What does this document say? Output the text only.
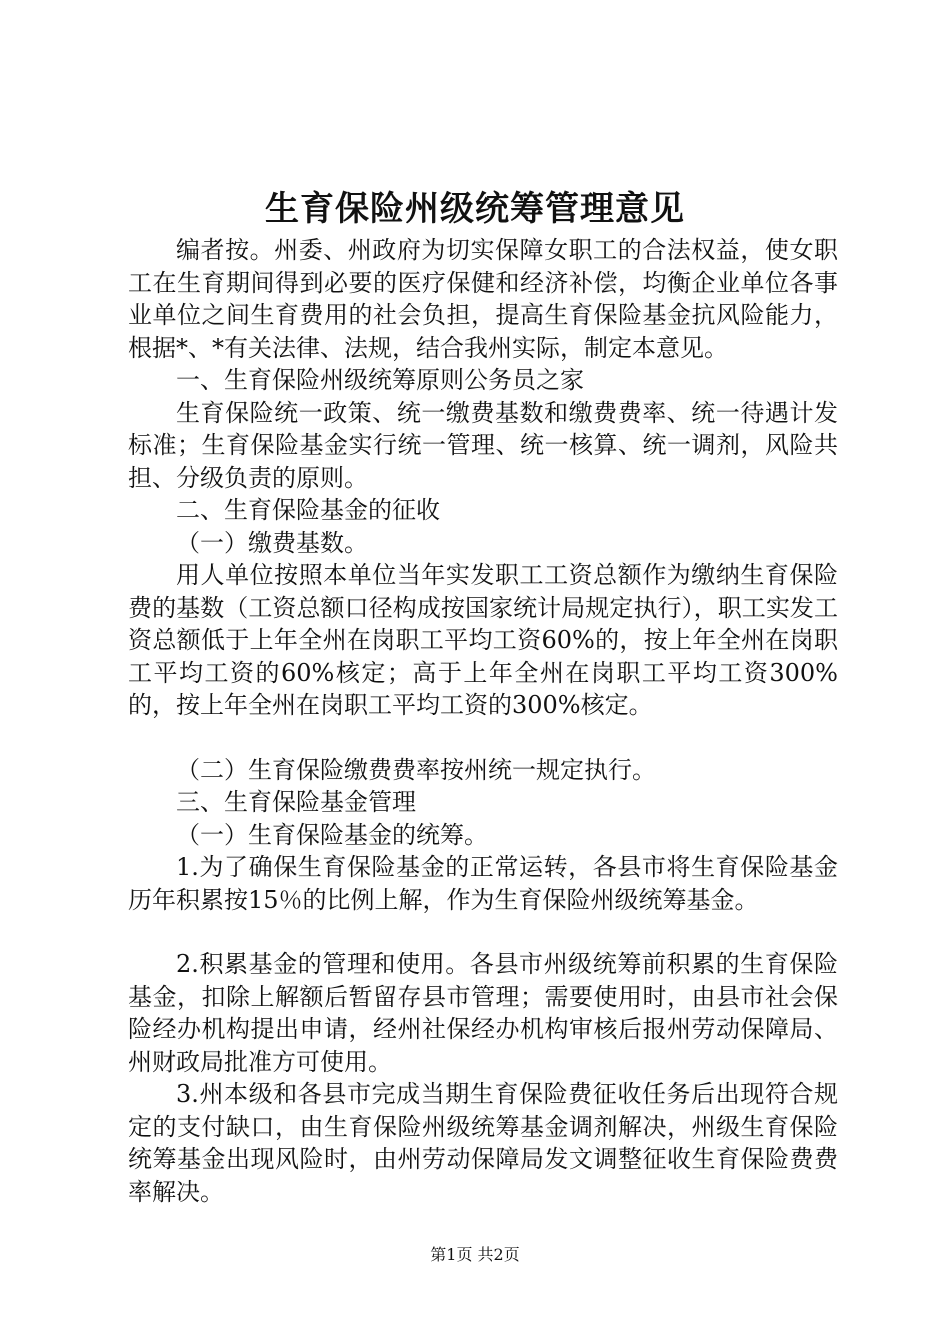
生育保险州级统筹管理意见

编者按。州委、州政府为切实保障女职工的合法权益，使女职工在生育期间得到必要的医疗保健和经济补偿，均衡企业单位各事业单位之间生育费用的社会负担，提高生育保险基金抗风险能力，根据*、*有关法律、法规，结合我州实际，制定本意见。

一、生育保险州级统筹原则公务员之家

生育保险统一政策、统一缴费基数和缴费费率、统一待遇计发标准；生育保险基金实行统一管理、统一核算、统一调剂，风险共担、分级负责的原则。

二、生育保险基金的征收

（一）缴费基数。

用人单位按照本单位当年实发职工工资总额作为缴纳生育保险费的基数（工资总额口径构成按国家统计局规定执行），职工实发工资总额低于上年全州在岗职工平均工资60%的，按上年全州在岗职工平均工资的60%核定；高于上年全州在岗职工平均工资300%的，按上年全州在岗职工平均工资的300%核定。

（二）生育保险缴费费率按州统一规定执行。

三、生育保险基金管理

（一）生育保险基金的统筹。

1.为了确保生育保险基金的正常运转，各县市将生育保险基金历年积累按15％的比例上解，作为生育保险州级统筹基金。

2.积累基金的管理和使用。各县市州级统筹前积累的生育保险基金，扣除上解额后暂留存县市管理；需要使用时，由县市社会保险经办机构提出申请，经州社保经办机构审核后报州劳动保障局、州财政局批准方可使用。

3.州本级和各县市完成当期生育保险费征收任务后出现符合规定的支付缺口，由生育保险州级统筹基金调剂解决，州级生育保险统筹基金出现风险时，由州劳动保障局发文调整征收生育保险费费率解决。

第1页 共2页
